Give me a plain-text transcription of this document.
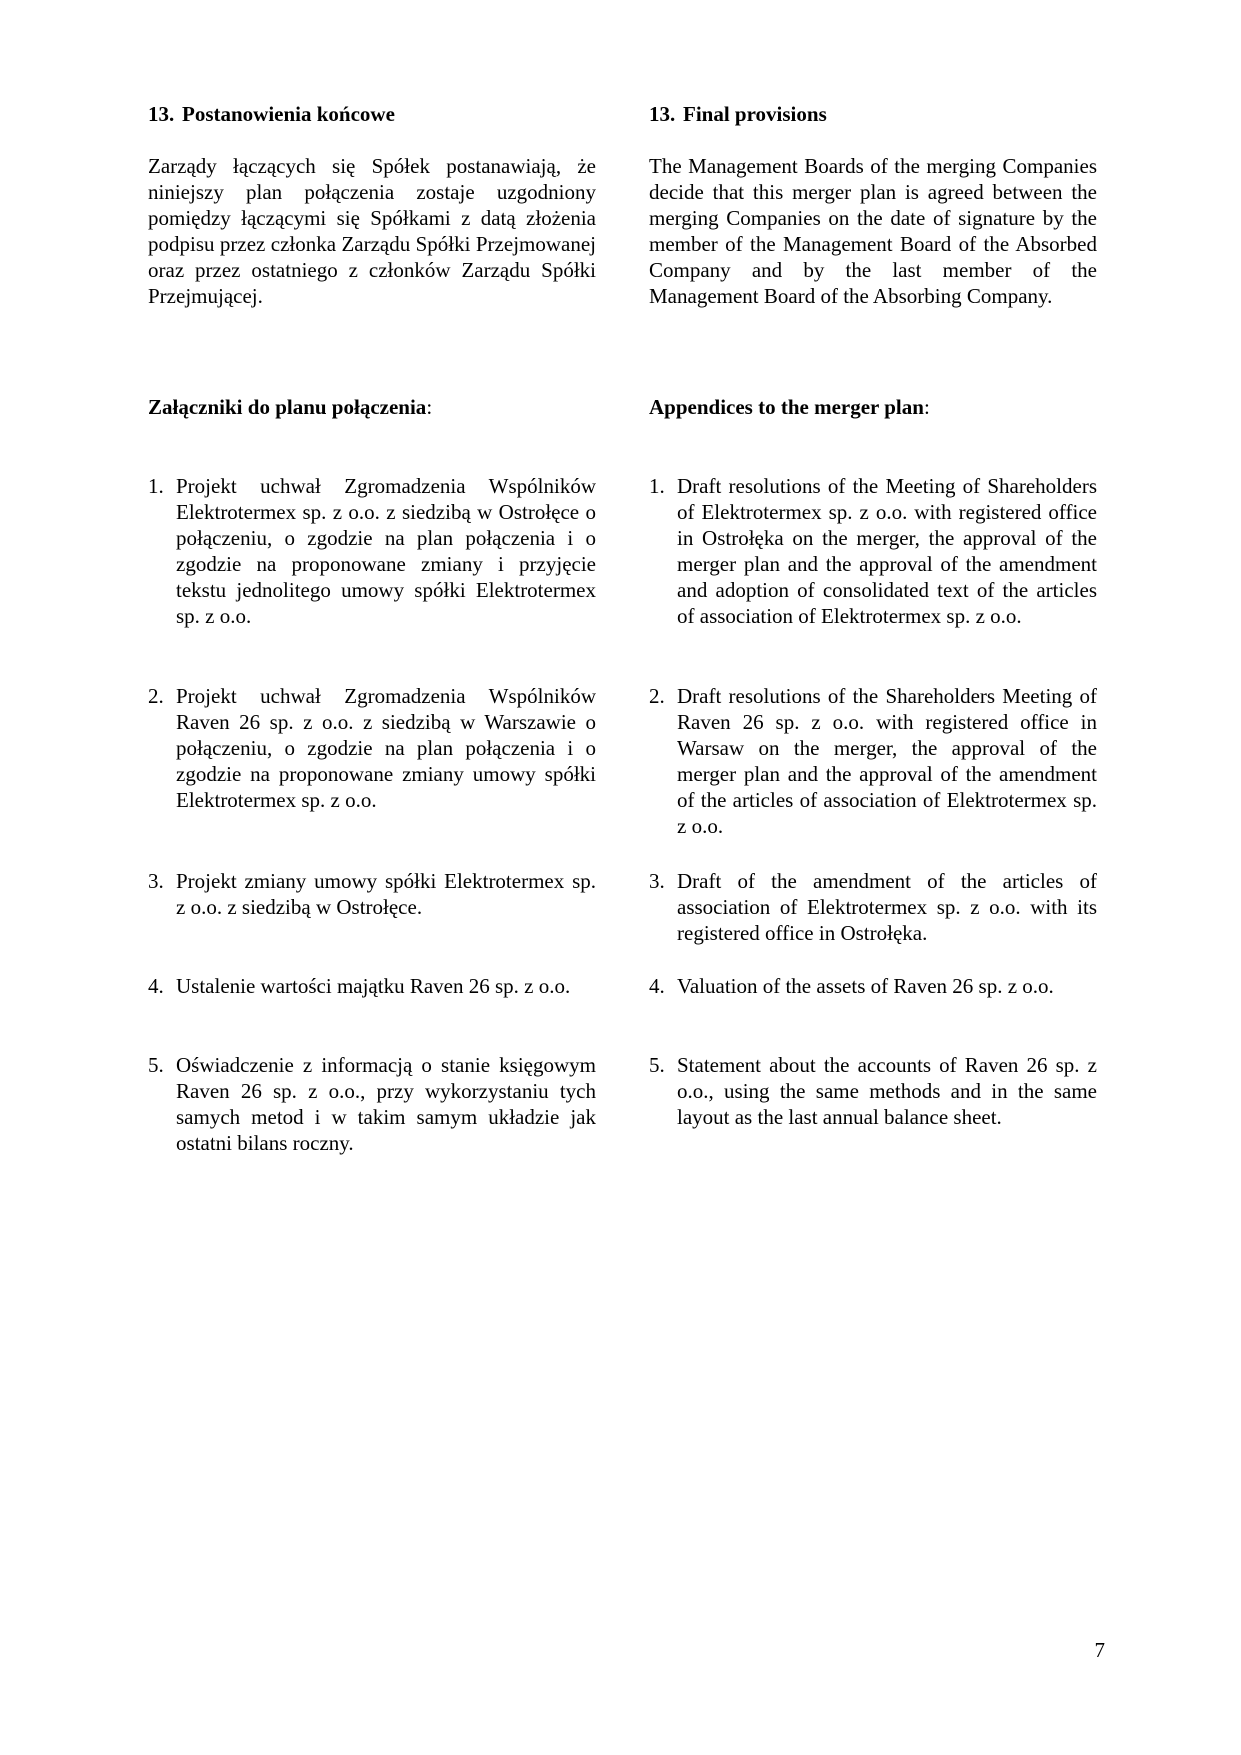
13. Postanowienia końcowe

Zarządy łączących się Spółek postanawiają, że niniejszy plan połączenia zostaje uzgodniony pomiędzy łączącymi się Spółkami z datą złożenia podpisu przez członka Zarządu Spółki Przejmowanej oraz przez ostatniego z członków Zarządu Spółki Przejmującej.

13. Final provisions

The Management Boards of the merging Companies decide that this merger plan is agreed between the merging Companies on the date of signature by the member of the Management Board of the Absorbed Company and by the last member of the Management Board of the Absorbing Company.

Załączniki do planu połączenia:	Appendices to the merger plan:
1. Projekt uchwał Zgromadzenia Wspólników Elektrotermex sp. z o.o. z siedzibą w Ostrołęce o połączeniu, o zgodzie na plan połączenia i o zgodzie na proponowane zmiany i przyjęcie tekstu jednolitego umowy spółki Elektrotermex sp. z o.o.
2. Projekt uchwał Zgromadzenia Wspólników Raven 26 sp. z o.o. z siedzibą w Warszawie o połączeniu, o zgodzie na plan połączenia i o zgodzie na proponowane zmiany umowy spółki Elektrotermex sp. z o.o.
3. Projekt zmiany umowy spółki Elektrotermex sp. z o.o. z siedzibą w Ostrołęce.
4. Ustalenie wartości majątku Raven 26 sp. z o.o.
5. Oświadczenie z informacją o stanie księgowym Raven 26 sp. z o.o., przy wykorzystaniu tych samych metod i w takim samym układzie jak ostatni bilans roczny.
1. Draft resolutions of the Meeting of Shareholders of Elektrotermex sp. z o.o. with registered office in Ostrołęka on the merger, the approval of the merger plan and the approval of the amendment and adoption of consolidated text of the articles of association of Elektrotermex sp. z o.o.
2. Draft resolutions of the Shareholders Meeting of Raven 26 sp. z o.o. with registered office in Warsaw on the merger, the approval of the merger plan and the approval of the amendment of the articles of association of Elektrotermex sp. z o.o.
3. Draft of the amendment of the articles of association of Elektrotermex sp. z o.o. with its registered office in Ostrołęka.
4. Valuation of the assets of Raven 26 sp. z o.o.
5. Statement about the accounts of Raven 26 sp. z o.o., using the same methods and in the same layout as the last annual balance sheet.
7
